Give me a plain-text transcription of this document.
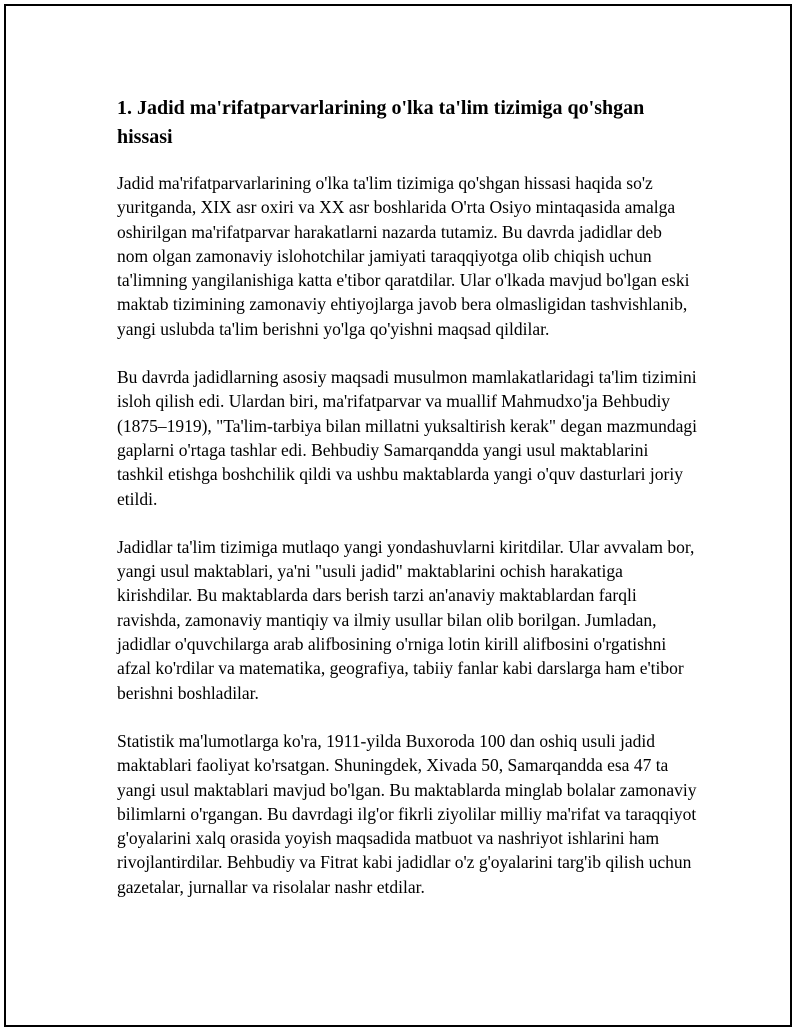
1. Jadid ma'rifatparvarlarining o'lka ta'lim tizimiga qo'shgan hissasi

Jadid ma'rifatparvarlarining o'lka ta'lim tizimiga qo'shgan hissasi haqida so'z yuritganda, XIX asr oxiri va XX asr boshlarida O'rta Osiyo mintaqasida amalga oshirilgan ma'rifatparvar harakatlarni nazarda tutamiz. Bu davrda jadidlar deb nom olgan zamonaviy islohotchilar jamiyati taraqqiyotga olib chiqish uchun ta'limning yangilanishiga katta e'tibor qaratdilar. Ular o'lkada mavjud bo'lgan eski maktab tizimining zamonaviy ehtiyojlarga javob bera olmasligidan tashvishlanib, yangi uslubda ta'lim berishni yo'lga qo'yishni maqsad qildilar.

Bu davrda jadidlarning asosiy maqsadi musulmon mamlakatlaridagi ta'lim tizimini isloh qilish edi. Ulardan biri, ma'rifatparvar va muallif Mahmudxo'ja Behbudiy (1875–1919), "Ta'lim-tarbiya bilan millatni yuksaltirish kerak" degan mazmundagi gaplarni o'rtaga tashlar edi. Behbudiy Samarqandda yangi usul maktablarini tashkil etishga boshchilik qildi va ushbu maktablarda yangi o'quv dasturlari joriy etildi.

Jadidlar ta'lim tizimiga mutlaqo yangi yondashuvlarni kiritdilar. Ular avvalam bor, yangi usul maktablari, ya'ni "usuli jadid" maktablarini ochish harakatiga kirishdilar. Bu maktablarda dars berish tarzi an'anaviy maktablardan farqli ravishda, zamonaviy mantiqiy va ilmiy usullar bilan olib borilgan. Jumladan, jadidlar o'quvchilarga arab alifbosining o'rniga lotin kirill alifbosini o'rgatishni afzal ko'rdilar va matematika, geografiya, tabiiy fanlar kabi darslarga ham e'tibor berishni boshladilar.

Statistik ma'lumotlarga ko'ra, 1911-yilda Buxoroda 100 dan oshiq usuli jadid maktablari faoliyat ko'rsatgan. Shuningdek, Xivada 50, Samarqandda esa 47 ta yangi usul maktablari mavjud bo'lgan. Bu maktablarda minglab bolalar zamonaviy bilimlarni o'rgangan. Bu davrdagi ilg'or fikrli ziyolilar milliy ma'rifat va taraqqiyot g'oyalarini xalq orasida yoyish maqsadida matbuot va nashriyot ishlarini ham rivojlantirdilar. Behbudiy va Fitrat kabi jadidlar o'z g'oyalarini targ'ib qilish uchun gazetalar, jurnallar va risolalar nashr etdilar.
